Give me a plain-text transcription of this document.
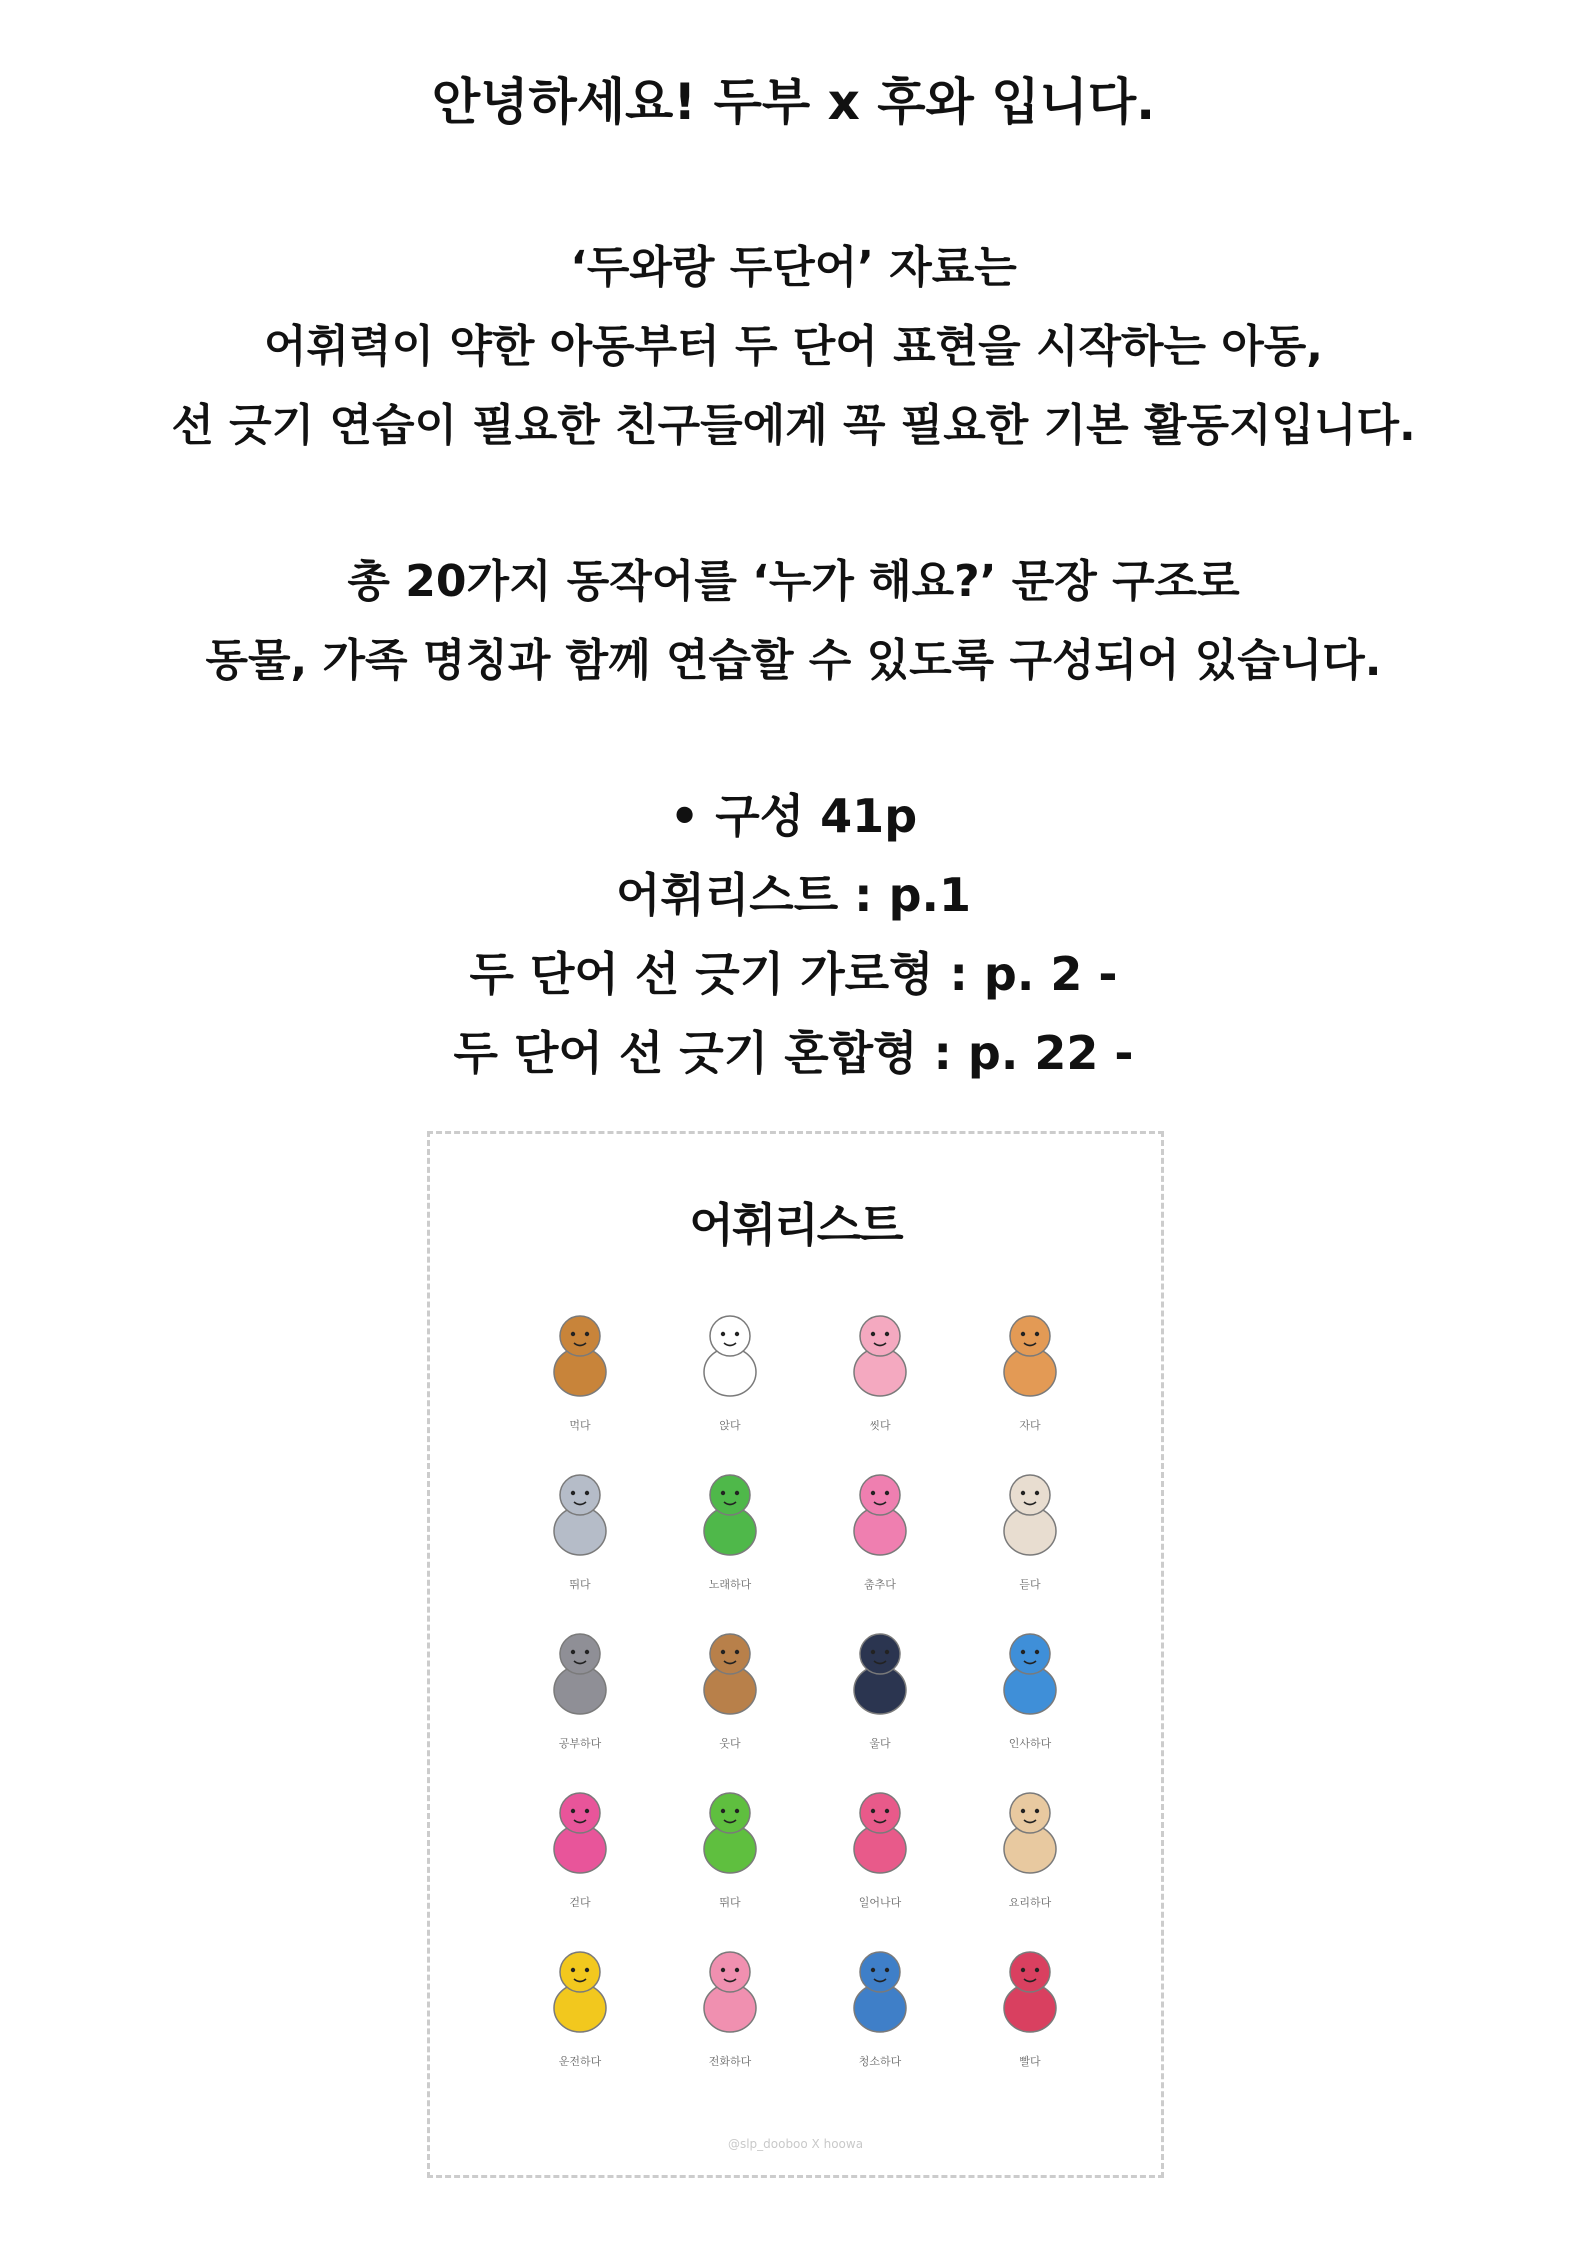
안녕하세요! 두부 x 후와 입니다.
‘두와랑 두단어’ 자료는
어휘력이 약한 아동부터 두 단어 표현을 시작하는 아동,
선 긋기 연습이 필요한 친구들에게 꼭 필요한 기본 활동지입니다.
총 20가지 동작어를 ‘누가 해요?’ 문장 구조로
동물, 가족 명칭과 함께 연습할 수 있도록 구성되어 있습니다.
• 구성 41p
어휘리스트 : p.1
두 단어 선 긋기 가로형 : p. 2 -
두 단어 선 긋기 혼합형 : p. 22 -
어휘리스트
먹다	앉다	씻다	자다
뛰다	노래하다	춤추다	듣다
공부하다	웃다	울다	인사하다
걷다	뛰다	일어나다	요리하다
운전하다	전화하다	청소하다	빨다
@slp_dooboo X hoowa
